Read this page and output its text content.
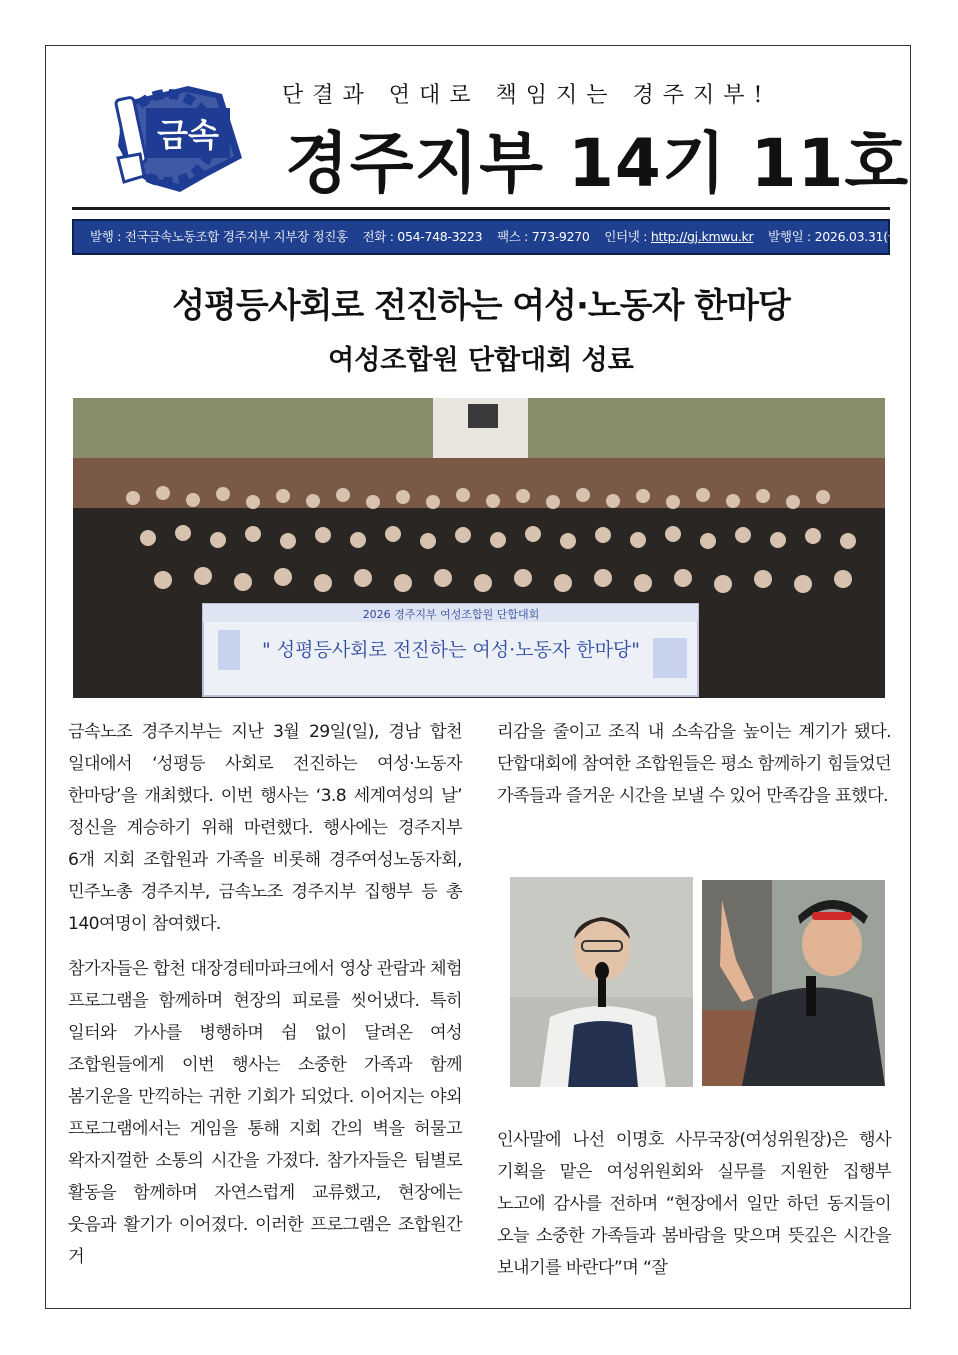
금속
단결과 연대로 책임지는 경주지부!
경주지부 14기 11호
발행 : 전국금속노동조합 경주지부 지부장 정진홍 전화 : 054-748-3223 팩스 : 773-9270 인터넷 : http://gj.kmwu.kr 발행일 : 2026.03.31(금)
성평등사회로 전진하는 여성·노동자 한마당
여성조합원 단합대회 성료
2026 경주지부 여성조합원 단합대회
" 성평등사회로 전진하는 여성·노동자 한마당"

금속노조 경주지부는 지난 3월 29일(일), 경남 합천 일대에서 ‘성평등 사회로 전진하는 여성·노동자 한마당’을 개최했다. 이번 행사는 ‘3.8 세계여성의 날’ 정신을 계승하기 위해 마련했다. 행사에는 경주지부 6개 지회 조합원과 가족을 비롯해 경주여성노동자회, 민주노총 경주지부, 금속노조 경주지부 집행부 등 총 140여명이 참여했다.

참가자들은 합천 대장경테마파크에서 영상 관람과 체험 프로그램을 함께하며 현장의 피로를 씻어냈다. 특히 일터와 가사를 병행하며 쉼 없이 달려온 여성 조합원들에게 이번 행사는 소중한 가족과 함께 봄기운을 만끽하는 귀한 기회가 되었다. 이어지는 야외 프로그램에서는 게임을 통해 지회 간의 벽을 허물고 왁자지껄한 소통의 시간을 가졌다. 참가자들은 팀별로 활동을 함께하며 자연스럽게 교류했고, 현장에는 웃음과 활기가 이어졌다. 이러한 프로그램은 조합원간 거

리감을 줄이고 조직 내 소속감을 높이는 계기가 됐다. 단합대회에 참여한 조합원들은 평소 함께하기 힘들었던 가족들과 즐거운 시간을 보낼 수 있어 만족감을 표했다.

인사말에 나선 이명호 사무국장(여성위원장)은 행사 기획을 맡은 여성위원회와 실무를 지원한 집행부 노고에 감사를 전하며 “현장에서 일만 하던 동지들이 오늘 소중한 가족들과 봄바람을 맞으며 뜻깊은 시간을 보내기를 바란다”며 “잘
